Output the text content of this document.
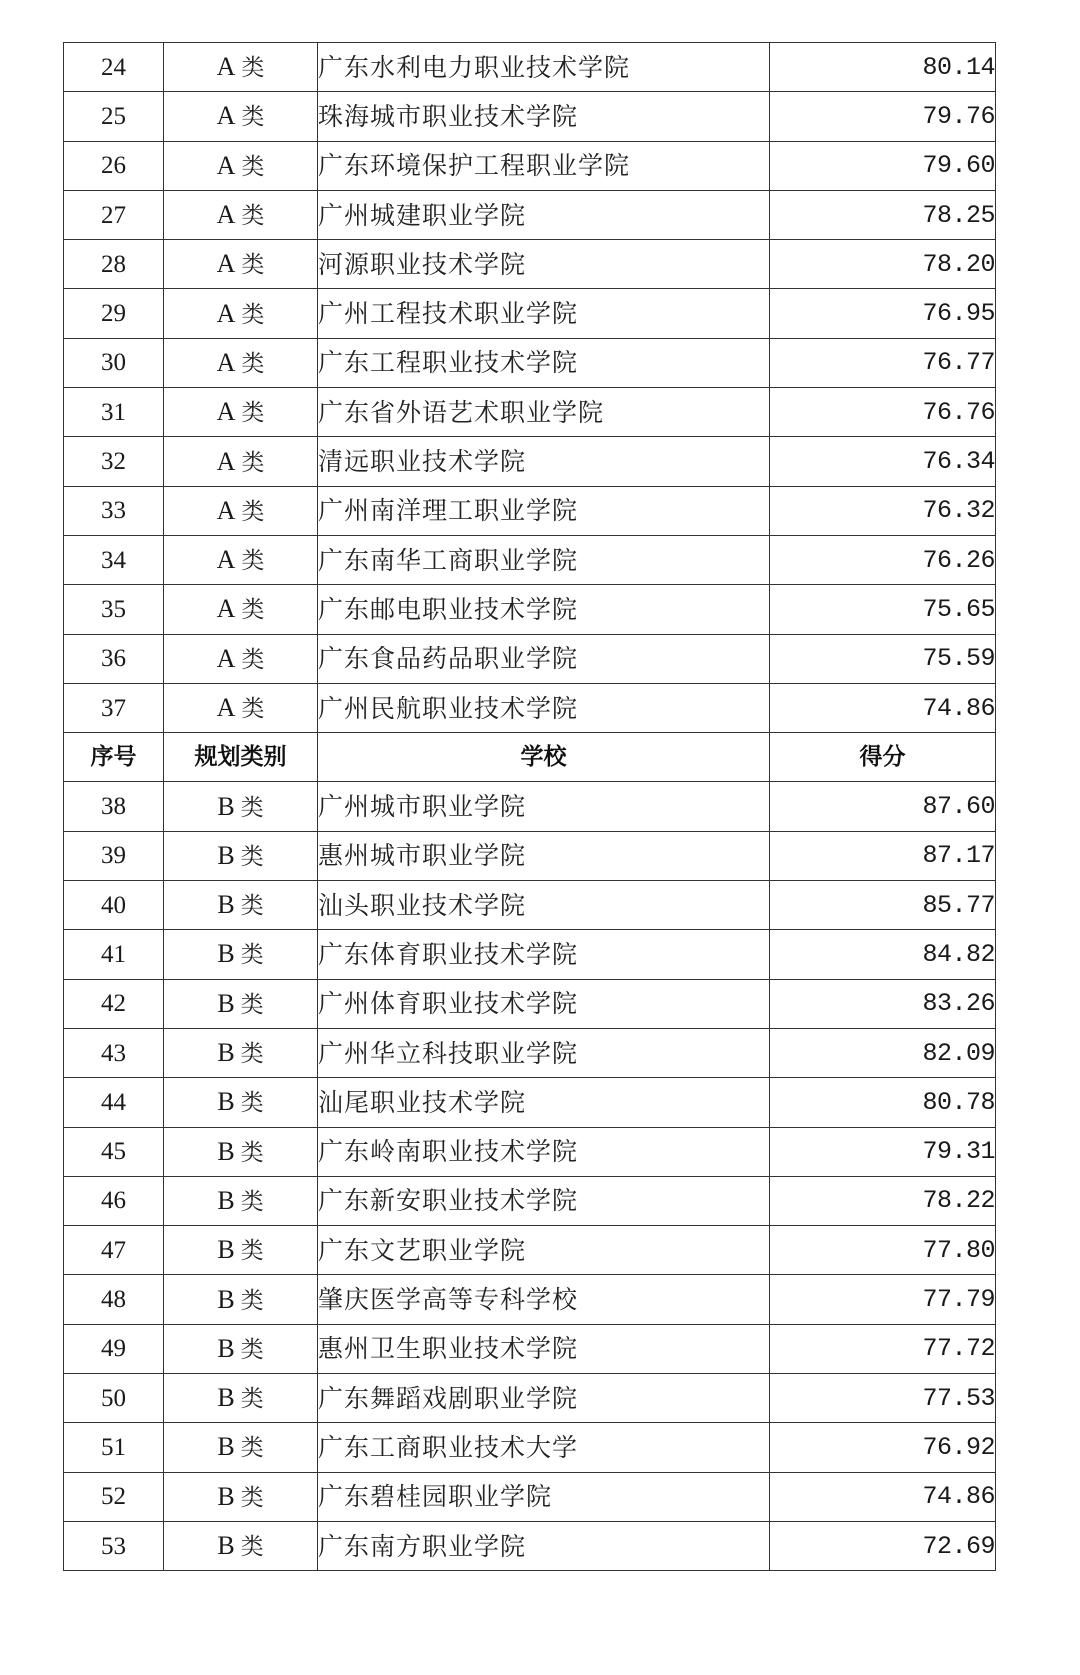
24	A 类	广东水利电力职业技术学院	80.14
25	A 类	珠海城市职业技术学院	79.76
26	A 类	广东环境保护工程职业学院	79.60
27	A 类	广州城建职业学院	78.25
28	A 类	河源职业技术学院	78.20
29	A 类	广州工程技术职业学院	76.95
30	A 类	广东工程职业技术学院	76.77
31	A 类	广东省外语艺术职业学院	76.76
32	A 类	清远职业技术学院	76.34
33	A 类	广州南洋理工职业学院	76.32
34	A 类	广东南华工商职业学院	76.26
35	A 类	广东邮电职业技术学院	75.65
36	A 类	广东食品药品职业学院	75.59
37	A 类	广州民航职业技术学院	74.86
序号	规划类别	学校	得分
38	B 类	广州城市职业学院	87.60
39	B 类	惠州城市职业学院	87.17
40	B 类	汕头职业技术学院	85.77
41	B 类	广东体育职业技术学院	84.82
42	B 类	广州体育职业技术学院	83.26
43	B 类	广州华立科技职业学院	82.09
44	B 类	汕尾职业技术学院	80.78
45	B 类	广东岭南职业技术学院	79.31
46	B 类	广东新安职业技术学院	78.22
47	B 类	广东文艺职业学院	77.80
48	B 类	肇庆医学高等专科学校	77.79
49	B 类	惠州卫生职业技术学院	77.72
50	B 类	广东舞蹈戏剧职业学院	77.53
51	B 类	广东工商职业技术大学	76.92
52	B 类	广东碧桂园职业学院	74.86
53	B 类	广东南方职业学院	72.69
